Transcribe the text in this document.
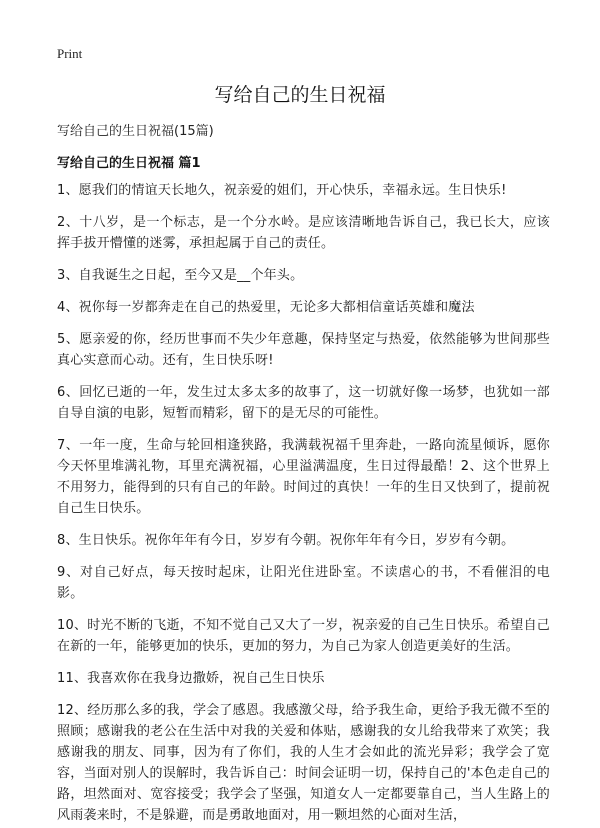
Print
写给自己的生日祝福
写给自己的生日祝福(15篇)
写给自己的生日祝福 篇1

1、愿我们的情谊天长地久，祝亲爱的姐们，开心快乐，幸福永远。生日快乐!

2、十八岁，是一个标志，是一个分水岭。是应该清晰地告诉自己，我已长大，应该挥手拔开懵懂的迷雾，承担起属于自己的责任。

3、自我诞生之日起，至今又是__个年头。

4、祝你每一岁都奔走在自己的热爱里，无论多大都相信童话英雄和魔法

5、愿亲爱的你，经历世事而不失少年意趣，保持坚定与热爱，依然能够为世间那些真心实意而心动。还有，生日快乐呀!

6、回忆已逝的一年，发生过太多太多的故事了，这一切就好像一场梦，也犹如一部自导自演的电影，短暂而精彩，留下的是无尽的可能性。

7、一年一度，生命与轮回相逢狭路，我满载祝福千里奔赴，一路向流星倾诉，愿你今天怀里堆满礼物，耳里充满祝福，心里溢满温度，生日过得最酷！2、这个世界上不用努力，能得到的只有自己的年龄。时间过的真快！一年的生日又快到了，提前祝自己生日快乐。

8、生日快乐。祝你年年有今日，岁岁有今朝。祝你年年有今日，岁岁有今朝。

9、对自己好点，每天按时起床，让阳光住进卧室。不读虐心的书，不看催泪的电影。

10、时光不断的飞逝，不知不觉自己又大了一岁，祝亲爱的自己生日快乐。希望自己在新的一年，能够更加的快乐，更加的努力，为自己为家人创造更美好的生活。

11、我喜欢你在我身边撒娇，祝自己生日快乐

12、经历那么多的我，学会了感恩。我感激父母，给予我生命，更给予我无微不至的照顾；感谢我的老公在生活中对我的关爱和体贴，感谢我的女儿给我带来了欢笑；我感谢我的朋友、同事，因为有了你们，我的人生才会如此的流光异彩；我学会了宽容，当面对别人的误解时，我告诉自己：时间会证明一切，保持自己的'本色走自己的路，坦然面对、宽容接受；我学会了坚强，知道女人一定都要靠自己，当人生路上的风雨袭来时，不是躲避，而是勇敢地面对，用一颗坦然的心面对生活，
